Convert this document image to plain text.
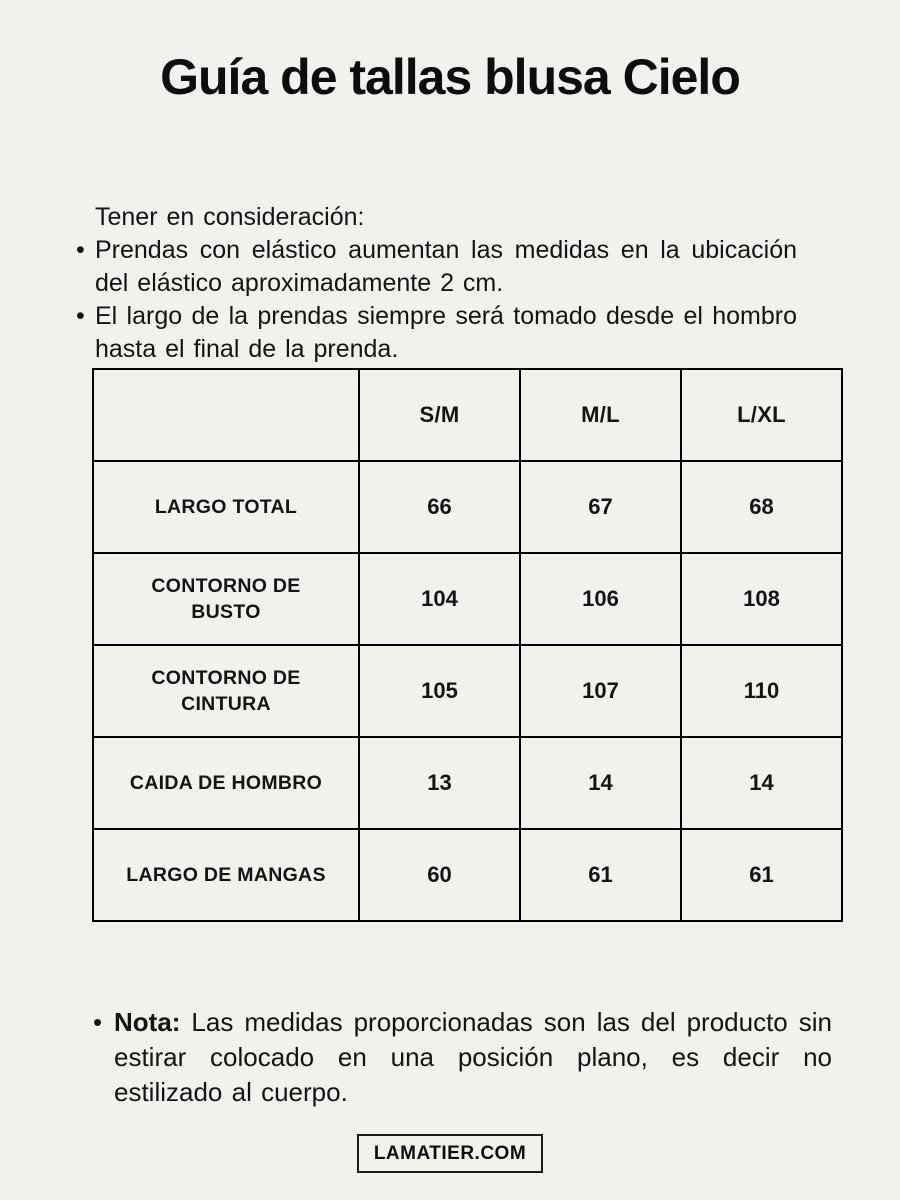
Guía de tallas blusa Cielo

Tener en consideración:

• Prendas con elástico aumentan las medidas en la ubicación del elástico aproximadamente 2 cm.
• El largo de la prendas siempre será tomado desde el hombro hasta el final de la prenda.
	S/M	M/L	L/XL
LARGO TOTAL	66	67	68
CONTORNO DE BUSTO	104	106	108
CONTORNO DE CINTURA	105	107	110
CAIDA DE HOMBRO	13	14	14
LARGO DE MANGAS	60	61	61
• Nota: Las medidas proporcionadas son las del producto sin estirar colocado en una posición plano, es decir no estilizado al cuerpo.
LAMATIER.COM
